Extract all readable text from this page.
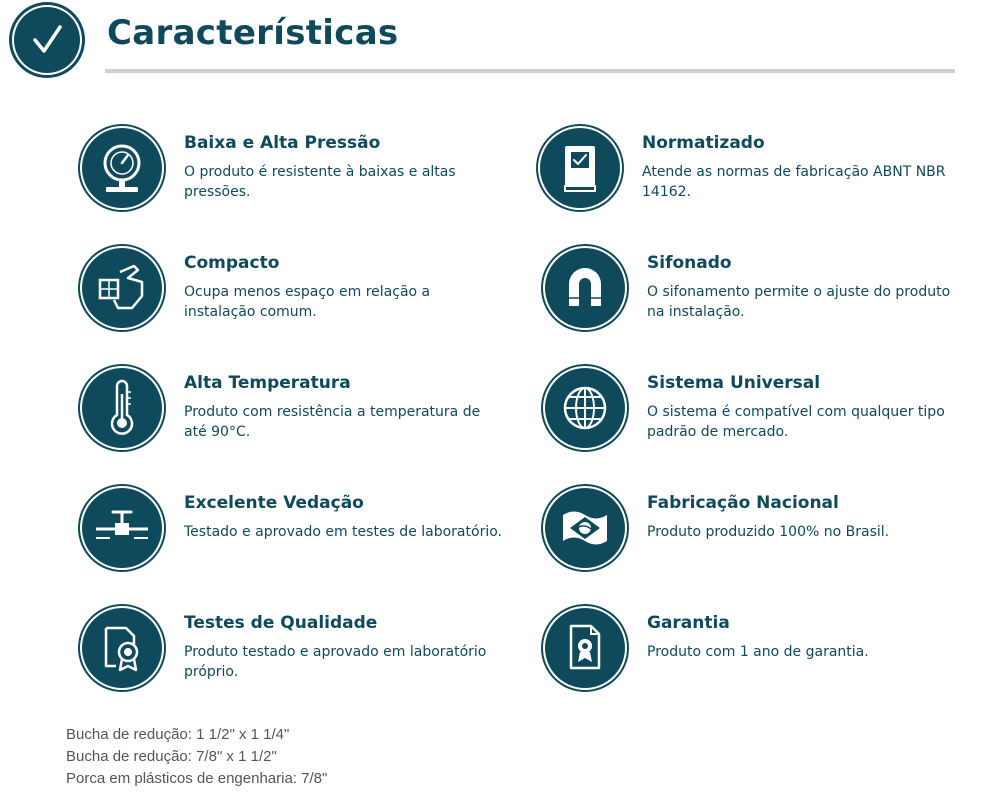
Características
Baixa e Alta Pressão

O produto é resistente à baixas e altas pressões.

Compacto

Ocupa menos espaço em relação a instalação comum.

Alta Temperatura

Produto com resistência a temperatura de até 90°C.

Excelente Vedação

Testado e aprovado em testes de laboratório.

Testes de Qualidade

Produto testado e aprovado em laboratório próprio.

Normatizado

Atende as normas de fabricação ABNT NBR 14162.

Sifonado

O sifonamento permite o ajuste do produto na instalação.

Sistema Universal

O sistema é compatível com qualquer tipo padrão de mercado.

Fabricação Nacional

Produto produzido 100% no Brasil.

Garantia

Produto com 1 ano de garantia.

Bucha de redução: 1 1/2" x 1 1/4"
Bucha de redução: 7/8" x 1 1/2"
Porca em plásticos de engenharia: 7/8"
